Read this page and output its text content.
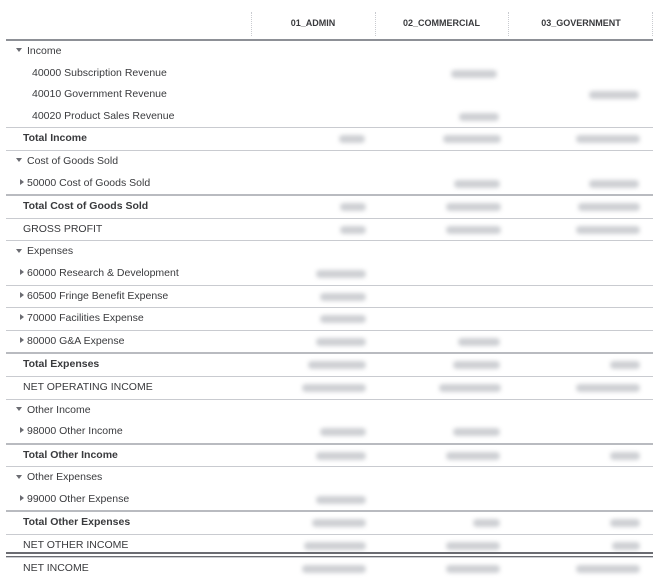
01_ADMIN	02_COMMERCIAL	03_GOVERNMENT
Income
40000 Subscription Revenue
40010 Government Revenue
40020 Product Sales Revenue
Total Income
Cost of Goods Sold
50000 Cost of Goods Sold
Total Cost of Goods Sold
GROSS PROFIT
Expenses
60000 Research & Development
60500 Fringe Benefit Expense
70000 Facilities Expense
80000 G&A Expense
Total Expenses
NET OPERATING INCOME
Other Income
98000 Other Income
Total Other Income
Other Expenses
99000 Other Expense
Total Other Expenses
NET OTHER INCOME
NET INCOME
